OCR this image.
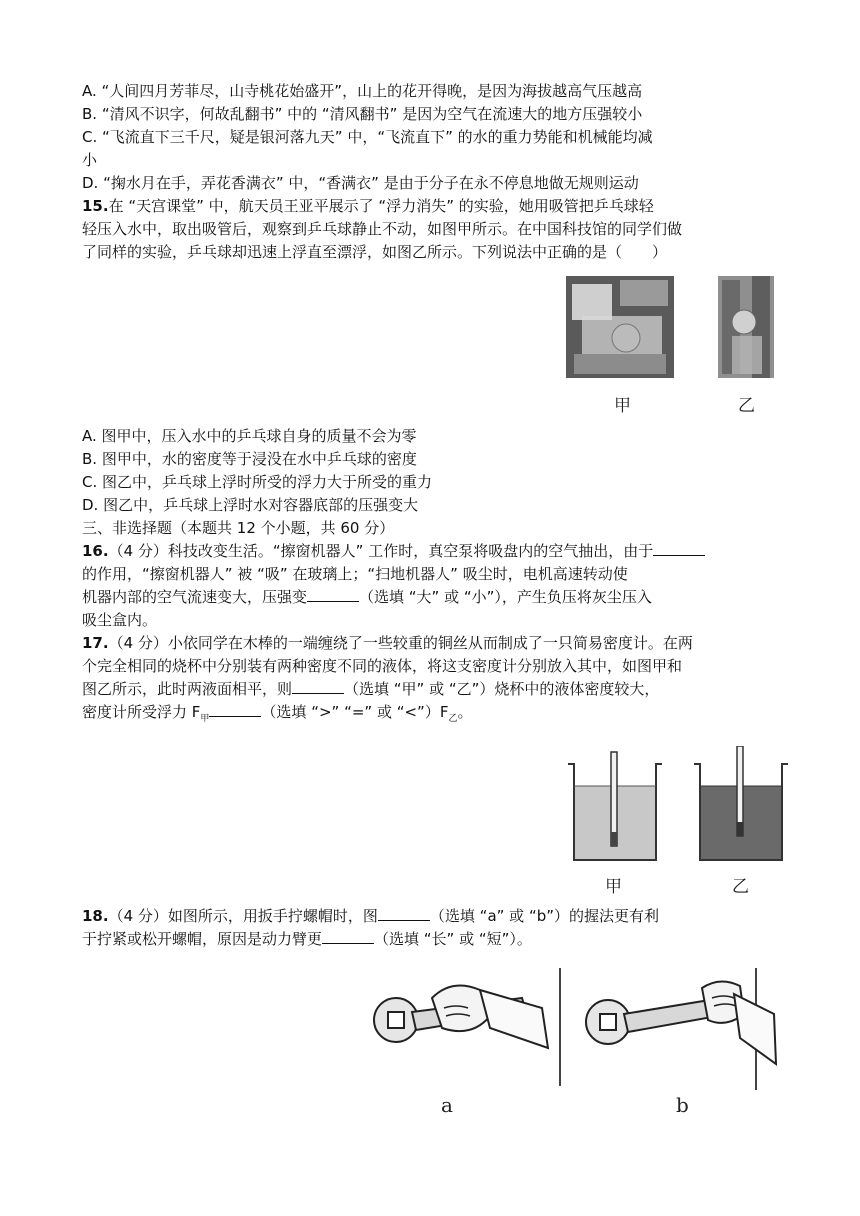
A. “人间四月芳菲尽，山寺桃花始盛开”，山上的花开得晚，是因为海拔越高气压越高
B. “清风不识字，何故乱翻书” 中的 “清风翻书” 是因为空气在流速大的地方压强较小
C. “飞流直下三千尺，疑是银河落九天” 中，“飞流直下” 的水的重力势能和机械能均减
小
D. “掬水月在手，弄花香满衣” 中，“香满衣” 是由于分子在永不停息地做无规则运动
15.在 “天宫课堂” 中，航天员王亚平展示了 “浮力消失” 的实验，她用吸管把乒乓球轻
轻压入水中，取出吸管后，观察到乒乓球静止不动，如图甲所示。在中国科技馆的同学们做
了同样的实验，乒乓球却迅速上浮直至漂浮，如图乙所示。下列说法中正确的是（　　）
甲	乙
A. 图甲中，压入水中的乒乓球自身的质量不会为零
B. 图甲中，水的密度等于浸没在水中乒乓球的密度
C. 图乙中，乒乓球上浮时所受的浮力大于所受的重力
D. 图乙中，乒乓球上浮时水对容器底部的压强变大
三、非选择题（本题共 12 个小题，共 60 分）
16.（4 分）科技改变生活。“擦窗机器人” 工作时，真空泵将吸盘内的空气抽出，由于
的作用，“擦窗机器人” 被 “吸” 在玻璃上；“扫地机器人” 吸尘时，电机高速转动使
机器内部的空气流速变大，压强变	（选填 “大” 或 “小”），产生负压将灰尘压入
吸尘盒内。
17.（4 分）小依同学在木棒的一端缠绕了一些较重的铜丝从而制成了一只简易密度计。在两
个完全相同的烧杯中分别装有两种密度不同的液体，将这支密度计分别放入其中，如图甲和
图乙所示，此时两液面相平，则	（选填 “甲” 或 “乙”）烧杯中的液体密度较大，
密度计所受浮力 $F_甲$	（选填 “>” “=” 或 “$<”)F_乙$。
甲	乙
18.（4 分）如图所示，用扳手拧螺帽时，图	（选填 “a” 或 “b”）的握法更有利
于拧紧或松开螺帽，原因是动力臂更	（选填 “长” 或 “短”）。
a	b
